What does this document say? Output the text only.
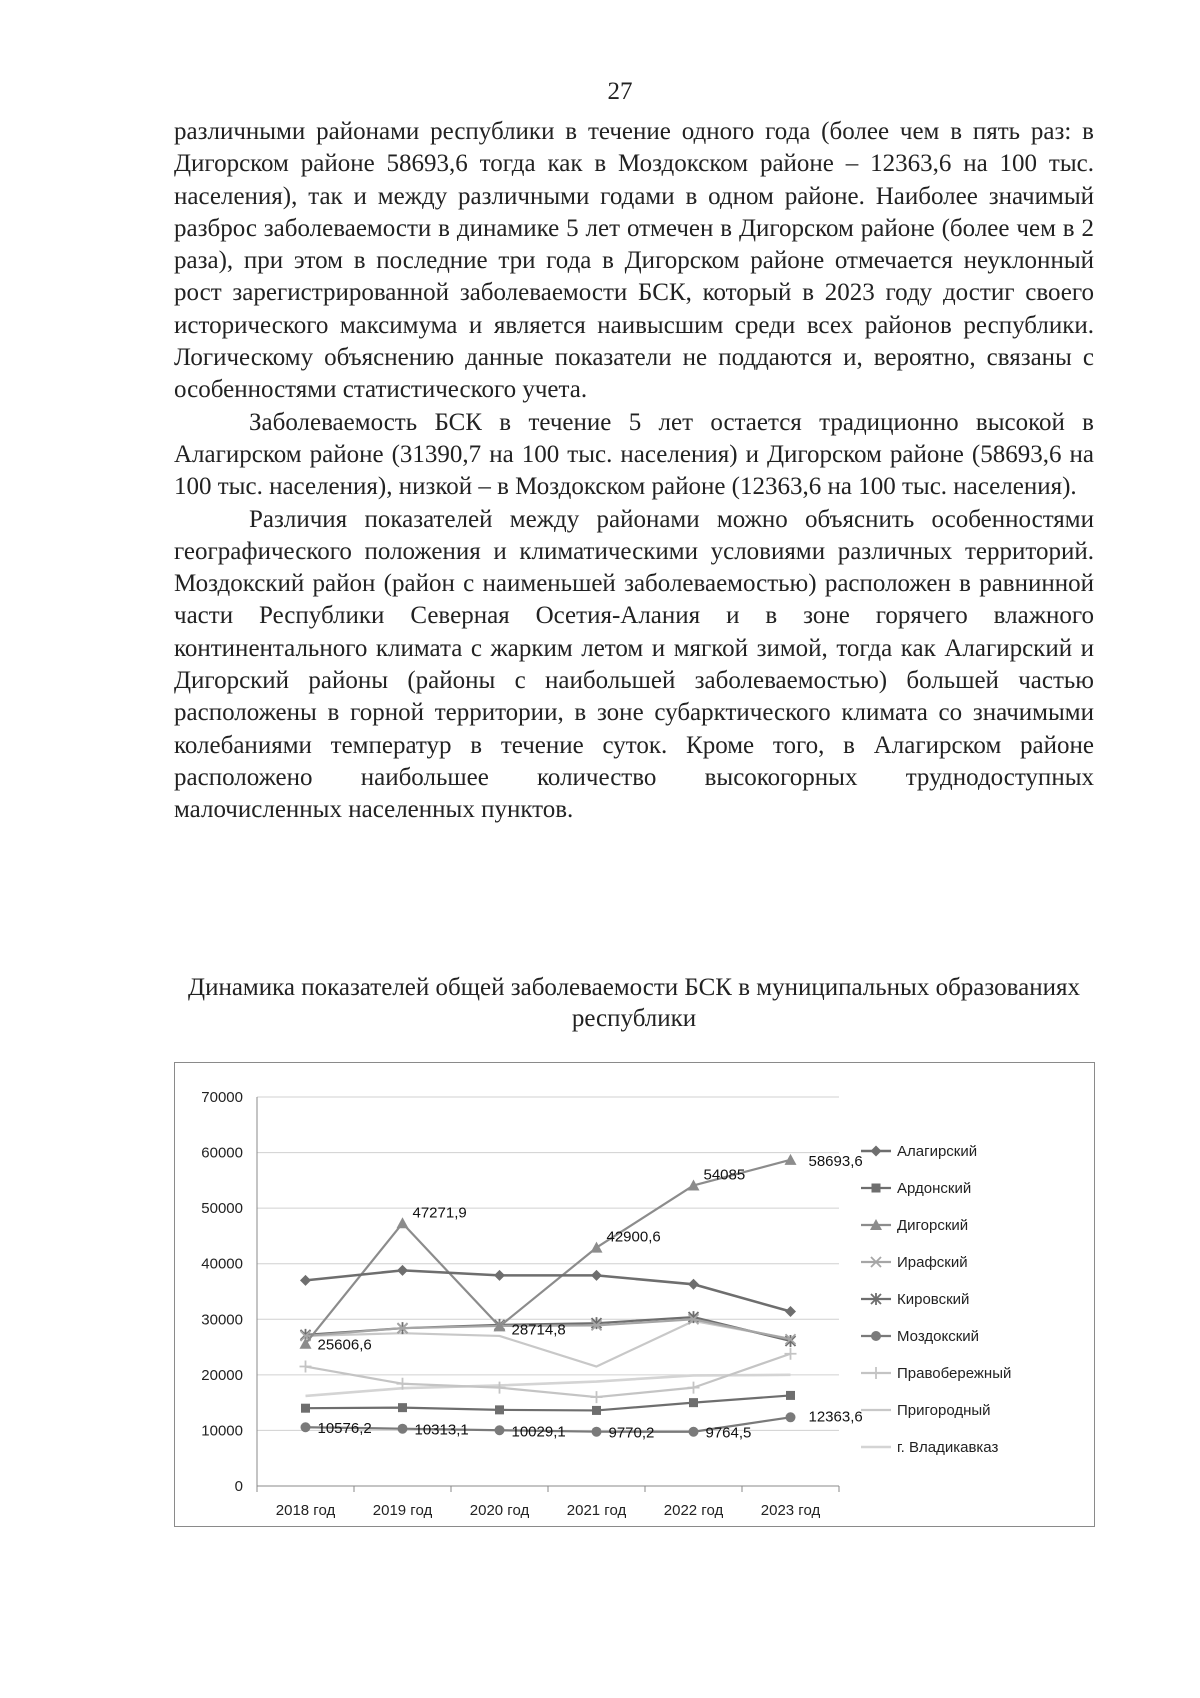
27

различными районами республики в течение одного года (более чем в пять раз: в Дигорском районе 58693,6 тогда как в Моздокском районе – 12363,6 на 100 тыс. населения), так и между различными годами в одном районе. Наиболее значимый разброс заболеваемости в динамике 5 лет отмечен в Дигорском районе (более чем в 2 раза), при этом в последние три года в Дигорском районе отмечается неуклонный рост зарегистрированной заболеваемости БСК, который в 2023 году достиг своего исторического максимума и является наивысшим среди всех районов республики. Логическому объяснению данные показатели не поддаются и, вероятно, связаны с особенностями статистического учета.

Заболеваемость БСК в течение 5 лет остается традиционно высокой в Алагирском районе (31390,7 на 100 тыс. населения) и Дигорском районе (58693,6 на 100 тыс. населения), низкой – в Моздокском районе (12363,6 на 100 тыс. населения).

Различия показателей между районами можно объяснить особенностями географического положения и климатическими условиями различных территорий. Моздокский район (район с наименьшей заболеваемостью) расположен в равнинной части Республики Северная Осетия-Алания и в зоне горячего влажного континентального климата с жарким летом и мягкой зимой, тогда как Алагирский и Дигорский районы (районы с наибольшей заболеваемостью) большей частью расположены в горной территории, в зоне субарктического климата со значимыми колебаниями температур в течение суток. Кроме того, в Алагирском районе расположено наибольшее количество высокогорных труднодоступных малочисленных населенных пунктов.

Динамика показателей общей заболеваемости БСК в муниципальных образованиях республики
0
10000
20000
30000
40000
50000
60000
70000
2018 год	2019 год	2020 год	2021 год	2022 год	2023 год
25606,6
47271,9
28714,8
42900,6
54085
58693,6
10576,2	10313,1	10029,1	9770,2	9764,5
12363,6
Алагирский
Ардонский
Дигорский
Ирафский
Кировский
Моздокский
Правобережный
Пригородный
г. Владикавказ
